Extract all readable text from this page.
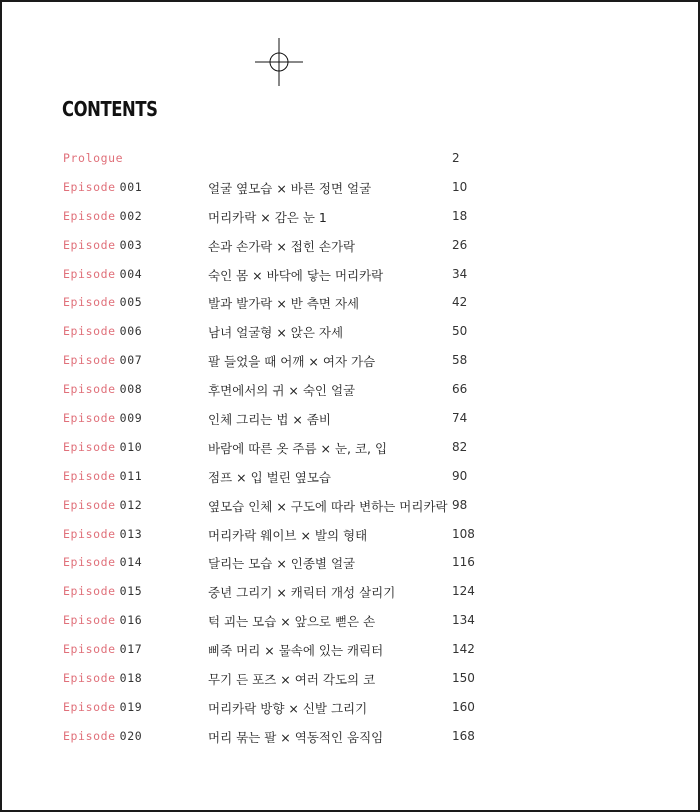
CONTENTS
Prologue	2
Episode 001	얼굴 옆모습 × 바른 정면 얼굴	10
Episode 002	머리카락 × 감은 눈 1	18
Episode 003	손과 손가락 × 접힌 손가락	26
Episode 004	숙인 몸 × 바닥에 닿는 머리카락	34
Episode 005	발과 발가락 × 반 측면 자세	42
Episode 006	남녀 얼굴형 × 앉은 자세	50
Episode 007	팔 들었을 때 어깨 × 여자 가슴	58
Episode 008	후면에서의 귀 × 숙인 얼굴	66
Episode 009	인체 그리는 법 × 좀비	74
Episode 010	바람에 따른 옷 주름 × 눈, 코, 입	82
Episode 011	점프 × 입 벌린 옆모습	90
Episode 012	옆모습 인체 × 구도에 따라 변하는 머리카락 98
Episode 013	머리카락 웨이브 × 발의 형태	108
Episode 014	달리는 모습 × 인종별 얼굴	116
Episode 015	중년 그리기 × 캐릭터 개성 살리기	124
Episode 016	턱 괴는 모습 × 앞으로 뻗은 손	134
Episode 017	삐죽 머리 × 물속에 있는 캐릭터	142
Episode 018	무기 든 포즈 × 여러 각도의 코	150
Episode 019	머리카락 방향 × 신발 그리기	160
Episode 020	머리 묶는 팔 × 역동적인 움직임	168
